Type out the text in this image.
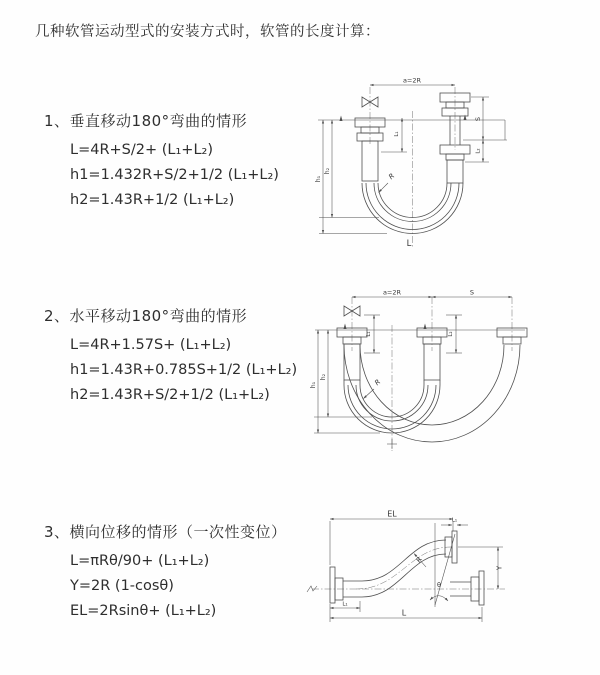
几种软管运动型式的安装方式时，软管的长度计算：
1、垂直移动180°弯曲的情形
L=4R+S/2+ (L₁+L₂)
h1=1.432R+S/2+1/2 (L₁+L₂)
h2=1.43R+1/2 (L₁+L₂)
2、水平移动180°弯曲的情形
L=4R+1.57S+ (L₁+L₂)
h1=1.43R+0.785S+1/2 (L₁+L₂)
h2=1.43R+S/2+1/2 (L₁+L₂)
3、横向位移的情形（一次性变位）
L=πRθ/90+ (L₁+L₂)
Y=2R (1-cosθ)
EL=2Rsinθ+ (L₁+L₂)
a=2R
h₁
h₂
S
L₂
L₁
R
L
a=2R	S
h₁
h₂
L₁	L₂
R
EL
L₁
R
θ
Y
L
L₁
